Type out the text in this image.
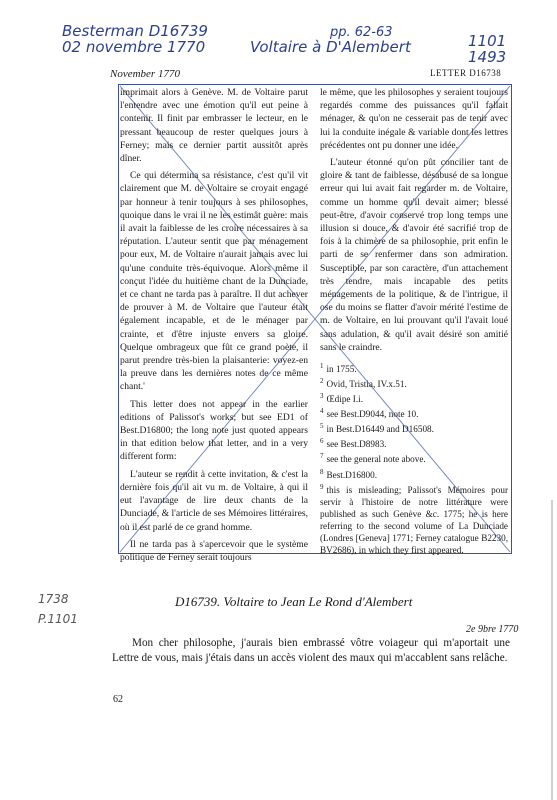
Besterman D16739
02 novembre 1770	Voltaire à D'Alembert
pp. 62-63	1101
1493
1738
P.1101
November 1770	LETTER D16738

imprimait alors à Genève. M. de Voltaire parut l'entendre avec une émotion qu'il eut peine à contenir. Il finit par embrasser le lecteur, en le pressant beaucoup de rester quelques jours à Ferney; mais ce dernier partit aussitôt après dîner.

Ce qui détermina sa résistance, c'est qu'il vit clairement que M. de Voltaire se croyait engagé par honneur à tenir toujours à ses philosophes, quoique dans le vrai il ne les estimât guère: mais il avait la faiblesse de les croire nécessaires à sa réputation. L'auteur sentit que par ménagement pour eux, M. de Voltaire n'aurait jamais avec lui qu'une conduite très-équivoque. Alors même il conçut l'idée du huitième chant de la Dunciade, et ce chant ne tarda pas à paraître. Il dut achever de prouver à M. de Voltaire que l'auteur était également incapable, et de le ménager par crainte, et d'être injuste envers sa gloire. Quelque ombrageux que fût ce grand poète, il parut prendre très-bien la plaisanterie: voyez-en la preuve dans les dernières notes de ce même chant.'

This letter does not appear in the earlier editions of Palissot's works; but see ED1 of Best.D16800; the long note just quoted appears in that edition below that letter, and in a very different form:

L'auteur se rendit à cette invitation, & c'est la dernière fois qu'il ait vu m. de Voltaire, à qui il eut l'avantage de lire deux chants de la Dunciade, & l'article de ses Mémoires littéraires, où il est parlé de ce grand homme.

Il ne tarda pas à s'apercevoir que le système politique de Ferney serait toujours

le même, que les philosophes y seraient toujours regardés comme des puissances qu'il fallait ménager, & qu'on ne cesserait pas de tenir avec lui la conduite inégale & variable dont les lettres précédentes ont pu donner une idée.

L'auteur étonné qu'on pût concilier tant de gloire & tant de faiblesse, désabusé de sa longue erreur qui lui avait fait regarder m. de Voltaire, comme un homme qu'il devait aimer; blessé peut-être, d'avoir conservé trop long temps une illusion si douce, & d'avoir été sacrifié trop de fois à la chimère de sa philosophie, prit enfin le parti de se renfermer dans son admiration. Susceptible, par son caractère, d'un attachement très tendre, mais incapable des petits ménagements de la politique, & de l'intrigue, il ose du moins se flatter d'avoir mérité l'estime de m. de Voltaire, en lui prouvant qu'il l'avait loué sans adulation, & qu'il avait désiré son amitié sans le craindre.

$^1$ in 1755.
$^2$ Ovid, Tristia, IV.x.51.
$^3$ Œdipe I.i.
$^4$ see Best.D9044, note 10.
$^5$ in Best.D16449 and D16508.
$^6$ see Best.D8983.
$^7$ see the general note above.
$^8$ Best.D16800.
$^9$ this is misleading; Palissot's Mémoires pour servir à l'histoire de notre littérature were published as such Genève &c. 1775; he is here referring to the second volume of La Dunciade (Londres [Geneva] 1771; Ferney catalogue B2230, BV2686), in which they first appeared.
D16739. Voltaire to Jean Le Rond d'Alembert
2e 9bre 1770

Mon cher philosophe, j'aurais bien embrassé vôtre voiageur qui m'aportait une Lettre de vous, mais j'étais dans un accès violent des maux qui m'accablent sans relâche.

62
